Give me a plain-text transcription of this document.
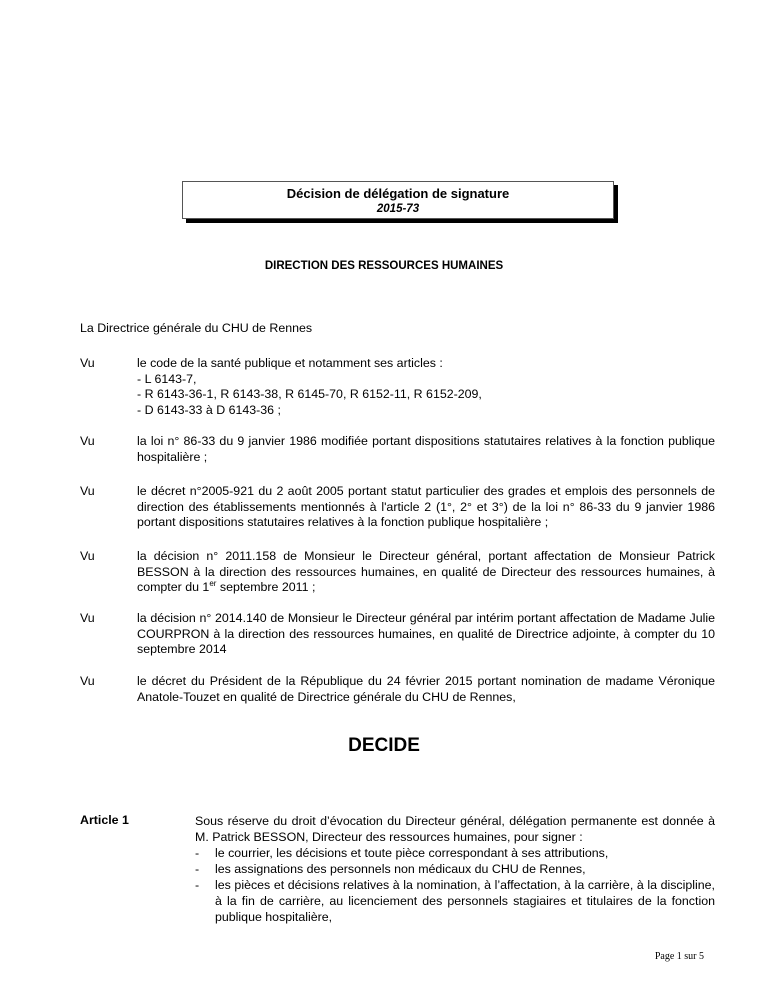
Décision de délégation de signature
2015-73
DIRECTION DES RESSOURCES HUMAINES
La Directrice générale du CHU de Rennes
Vu	le code de la santé publique et notamment ses articles :
- L 6143-7,
- R 6143-36-1, R 6143-38, R 6145-70, R 6152-11, R 6152-209,
- D 6143-33 à D 6143-36 ;
Vu	la loi n° 86-33 du 9 janvier 1986 modifiée portant dispositions statutaires relatives à la fonction publique hospitalière ;
Vu	le décret n°2005-921 du 2 août 2005 portant statut particulier des grades et emplois des personnels de direction des établissements mentionnés à l'article 2 (1°, 2° et 3°) de la loi n° 86-33 du 9 janvier 1986 portant dispositions statutaires relatives à la fonction publique hospitalière ;
Vu	la décision n° 2011.158 de Monsieur le Directeur général, portant affectation de Monsieur Patrick BESSON à la direction des ressources humaines, en qualité de Directeur des ressources humaines, à compter du 1er septembre 2011 ;
Vu	la décision n° 2014.140 de Monsieur le Directeur général par intérim portant affectation de Madame Julie COURPRON à la direction des ressources humaines, en qualité de Directrice adjointe, à compter du 10 septembre 2014
Vu	le décret du Président de la République du 24 février 2015 portant nomination de madame Véronique Anatole-Touzet en qualité de Directrice générale du CHU de Rennes,
DECIDE
Article 1	Sous réserve du droit d’évocation du Directeur général, délégation permanente est donnée à M. Patrick BESSON, Directeur des ressources humaines, pour signer :
- le courrier, les décisions et toute pièce correspondant à ses attributions,
- les assignations des personnels non médicaux du CHU de Rennes,
- les pièces et décisions relatives à la nomination, à l’affectation, à la carrière, à la discipline, à la fin de carrière, au licenciement des personnels stagiaires et titulaires de la fonction publique hospitalière,
Page 1 sur 5
